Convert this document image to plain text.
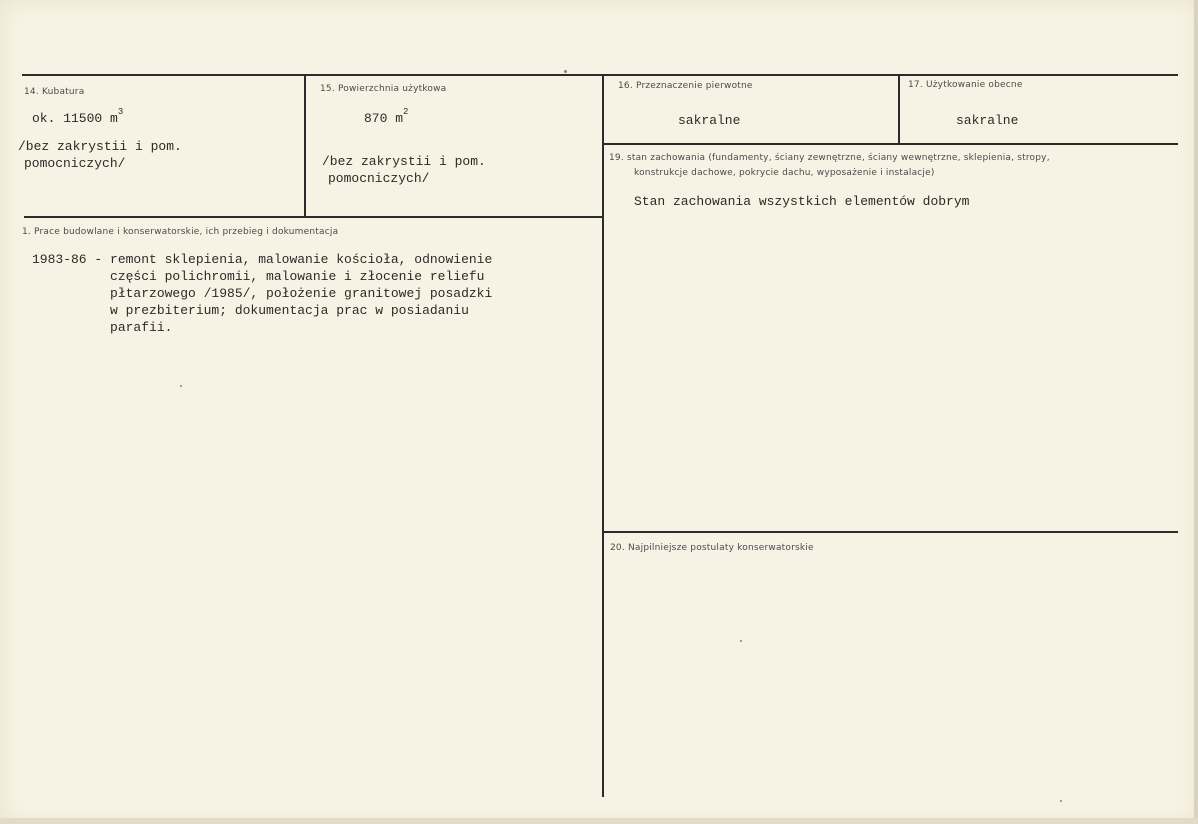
14. Kubatura
ok. 11500 $m^3$
/bez zakrystii i pom.
pomocniczych/
15. Powierzchnia użytkowa
870 $m^2$
/bez zakrystii i pom.
pomocniczych/
16. Przeznaczenie pierwotne
sakralne
17. Użytkowanie obecne
sakralne
1. Prace budowlane i konserwatorskie, ich przebieg i dokumentacja
1983-86 - remont sklepienia, malowanie kościoła, odnowienie
części polichromii, malowanie i złocenie reliefu
płtarzowego /1985/, położenie granitowej posadzki
w prezbiterium; dokumentacja prac w posiadaniu
parafii.
19. stan zachowania (fundamenty, ściany zewnętrzne, ściany wewnętrzne, sklepienia, stropy,
konstrukcje dachowe, pokrycie dachu, wyposażenie i instalacje)
Stan zachowania wszystkich elementów dobrym
20. Najpilniejsze postulaty konserwatorskie
